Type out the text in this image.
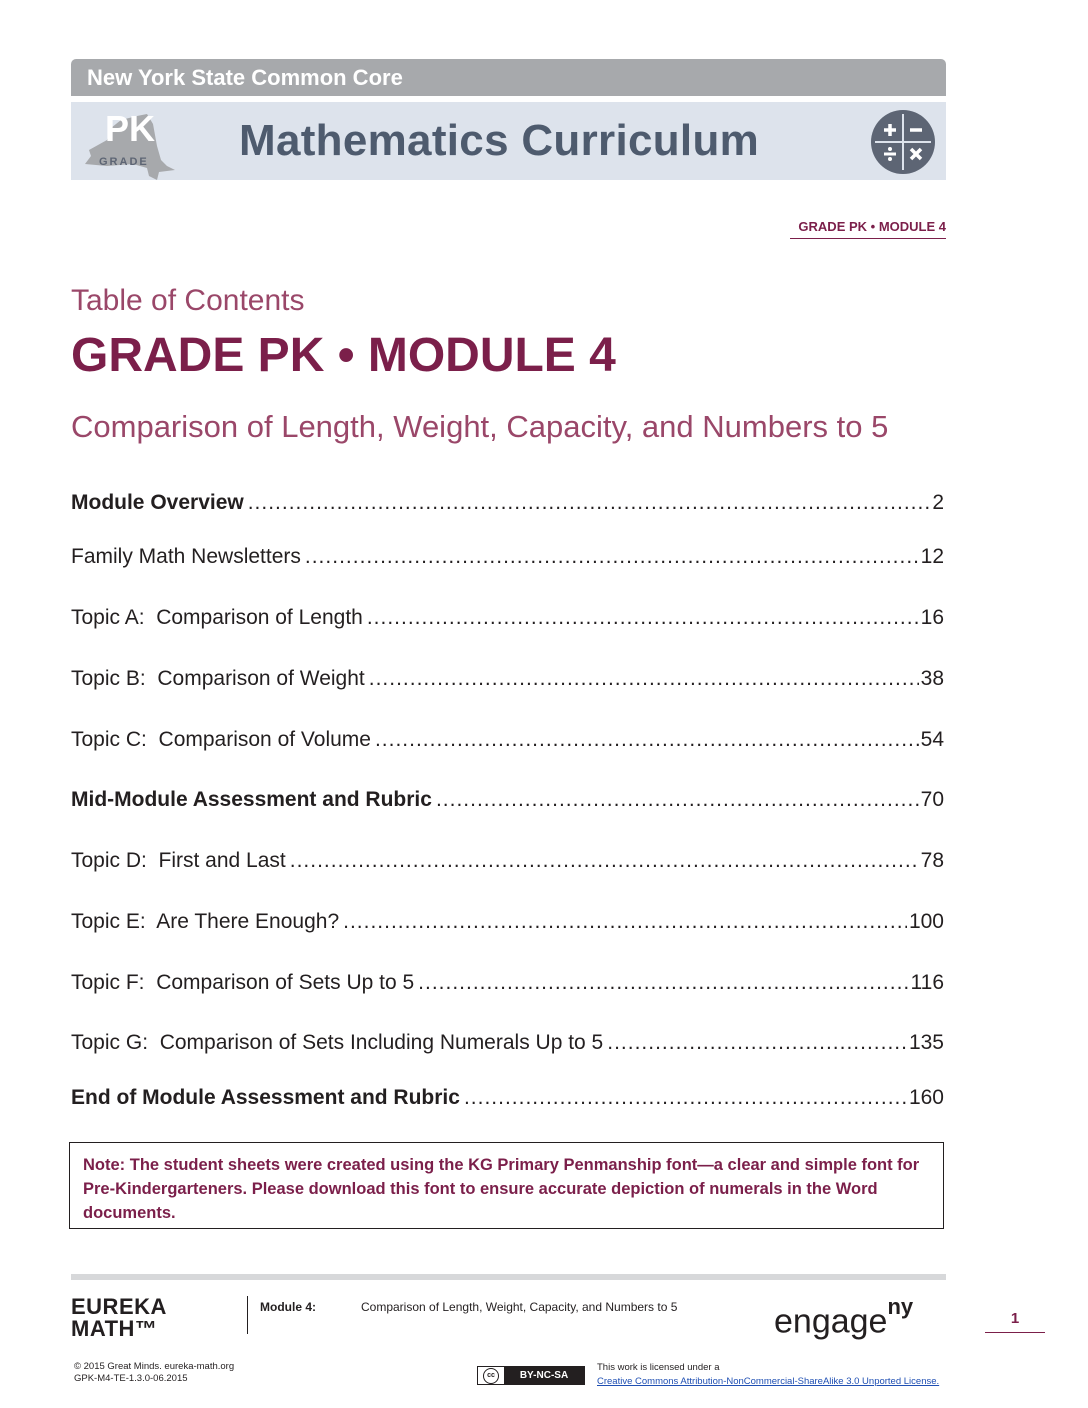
New York State Common Core
PK
GRADE Mathematics Curriculum
GRADE PK • MODULE 4
Table of Contents
GRADE PK • MODULE 4
Comparison of Length, Weight, Capacity, and Numbers to 5
Module Overview .....	2
Family Math Newsletters .....	12
Topic A:  Comparison of Length .....	16
Topic B:  Comparison of Weight .....	38
Topic C:  Comparison of Volume .....	54
Mid-Module Assessment and Rubric .....	70
Topic D:  First and Last .....	78
Topic E:  Are There Enough? .....	100
Topic F:  Comparison of Sets Up to 5 .....	116
Topic G:  Comparison of Sets Including Numerals Up to 5 .....	135
End of Module Assessment and Rubric .....	160
Note: The student sheets were created using the KG Primary Penmanship font—a clear and simple font for Pre-Kindergarteners. Please download this font to ensure accurate depiction of numerals in the Word documents.
EUREKA
MATH™
Module 4:	Comparison of Length, Weight, Capacity, and Numbers to 5	engage$^{ny}$	1
© 2015 Great Minds. eureka-math.org
GPK-M4-TE-1.3.0-06.2015	cc	BY-NC-SA
This work is licensed under a
Creative Commons Attribution-NonCommercial-ShareAlike 3.0 Unported License.
